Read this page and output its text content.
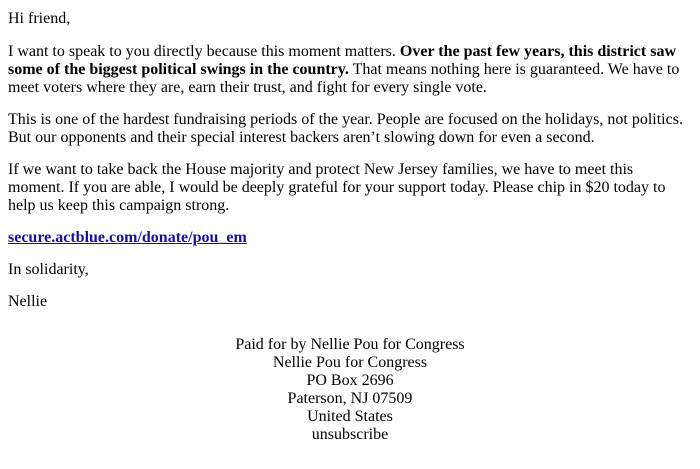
Hi friend,

I want to speak to you directly because this moment matters. Over the past few years, this district saw some of the biggest political swings in the country. That means nothing here is guaranteed. We have to meet voters where they are, earn their trust, and fight for every single vote.

This is one of the hardest fundraising periods of the year. People are focused on the holidays, not politics. But our opponents and their special interest backers aren’t slowing down for even a second.

If we want to take back the House majority and protect New Jersey families, we have to meet this moment. If you are able, I would be deeply grateful for your support today. Please chip in $20 today to help us keep this campaign strong.

secure.actblue.com/donate/pou_em

In solidarity,

Nellie

Paid for by Nellie Pou for Congress
Nellie Pou for Congress
PO Box 2696
Paterson, NJ 07509
United States
unsubscribe
